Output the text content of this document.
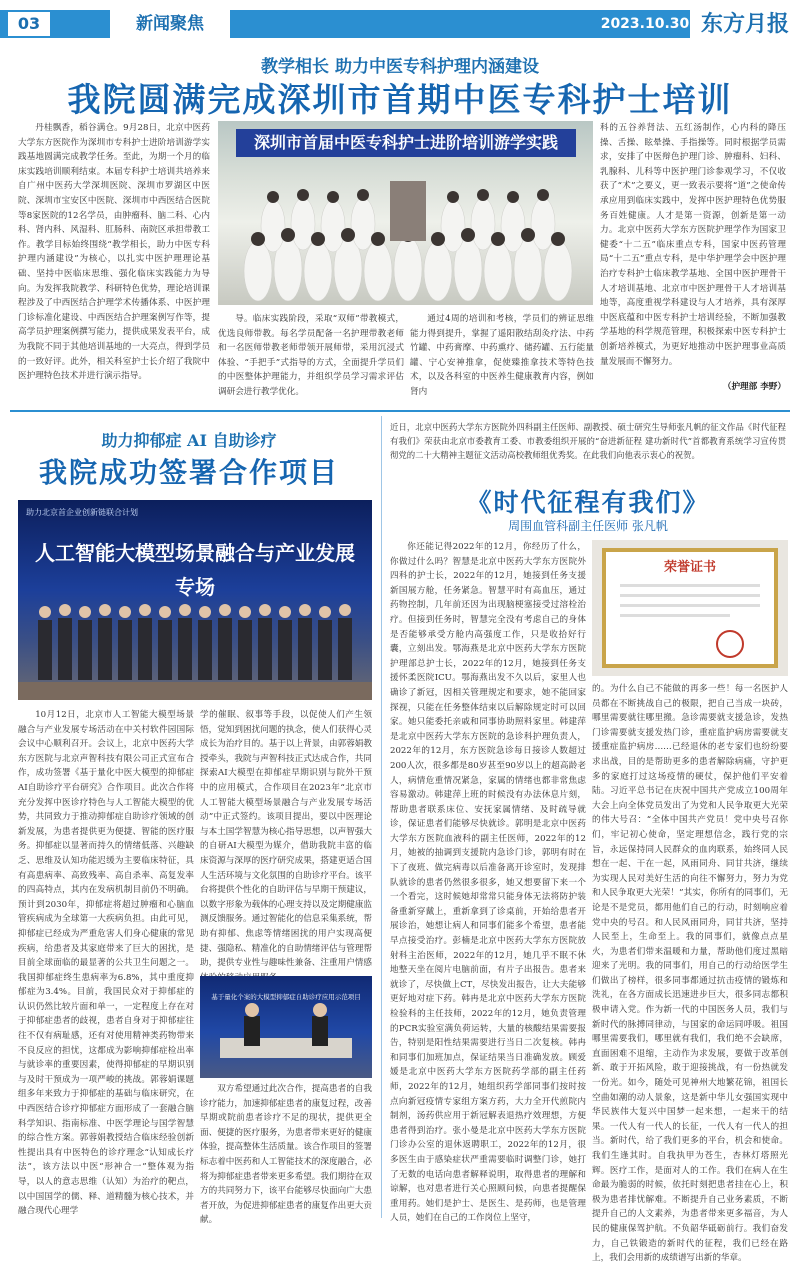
03	新闻聚焦	2023.10.30 东方月报
教学相长 助力中医专科护理内涵建设
我院圆满完成深圳市首期中医专科护士培训
丹桂飘香，稻谷满仓。9月28日，北京中医药大学东方医院作为深圳市专科护士进阶培训游学实践基地圆满完成教学任务。至此，为期一个月的临床实践培训顺利结束。本届专科护士培训共培养来自广州中医药大学深圳医院、深圳市罗湖区中医院、深圳市宝安区中医院、深圳市中西医结合医院等8家医院的12名学员，由肿瘤科、脑二科、心内科、肾内科、风湿科、肛肠科、南院区承担带教工作。教学目标始终围绕“教学相长，助力中医专科护理内涵建设”为核心，以扎实中医护理理论基础、坚持中医临床思维、强化临床实践能力为导向。为发挥我院教学、科研特色优势，理论培训课程涉及了中西医结合护理学术传播体系、中医护理门诊标准化建设、中西医结合护理案例写作等，提高学员护理案例撰写能力，提供成果发表平台，成为我院不同于其他培训基地的一大亮点，得到学员的一致好评。此外，相关科室护士长介绍了我院中医护理特色技术并进行演示指导。
深圳市首届中医专科护士进阶培训游学实践
导。临床实践阶段，采取“双师”带教模式，优选良师带教。每名学员配备一名护理带教老师和一名医师带教老师带领开展师带，采用沉浸式体验、“手把手”式指导的方式，全面提升学员们的中医整体护理能力，并组织学员学习需求评估调研会进行教学优化。
通过4周的培训和考核，学员们的辨证思维能力得到提升，掌握了遥阳散结刮灸疗法、中药竹罐、中药膏摩、中药熏疗、储药罐、五行能量罐、宁心安神推拿，促使臻推拿技术等特色技术，以及各科室的中医养生健康教育内容，例如肾内
科的五谷养肾法、五红汤制作，心内科的降压操、舌操、眩晕操、手指操等。同时根据学员需求，安排了中医辩色护理门诊、肿瘤科、妇科、乳腺科、儿科等中医护理门诊参观学习，不仅收获了“术”之要义，更一致表示要将“道”之使命传承应用到临床实践中，发挥中医护理特色优势服务百姓健康。人才是第一资源，创新是第一动力。北京中医药大学东方医院护理学作为国家卫健委“十二五”临床重点专科，国家中医药管理局“十二五”重点专科，是中华护理学会中医护理治疗专科护士临床教学基地、全国中医护理骨干人才培训基地、北京市中医护理骨干人才培训基地等，高度重视学科建设与人才培养，具有深厚中医底蕴和中医专科护士培训经验，不断加强教学基地的科学规范管理，积极探索中医专科护士创新培养模式，为更好地推动中医护理事业高质量发展而不懈努力。
（护理部 李野）
助力抑郁症 AI 自助诊疗
我院成功签署合作项目
助力北京首企业创新链联合计划
人工智能大模型场景融合与产业发展专场
10月12日，北京市人工智能大模型场景融合与产业发展专场活动在中关村软件园国际会议中心顺利召开。会议上，北京中医药大学东方医院与北京声智科技有限公司正式宣布合作，成功签署《基于量化中医大模型的抑郁症AI自助诊疗平台研究》合作项目。此次合作将充分发挥中医诊疗特色与人工智能大模型的优势，共同致力于推动抑郁症自助诊疗领域的创新发展，为患者提供更为便捷、智能的医疗服务。抑郁症以显著而持久的情绪低落、兴趣缺乏、思维及认知功能迟缓为主要临床特征，具有高患病率、高致残率、高自杀率、高复发率的四高特点，其内在发病机制目前仍不明确。预计到2030年，抑郁症将超过肿瘤和心脑血管疾病成为全球第一大疾病负担。由此可见，抑郁症已经成为严重危害人们身心健康的常见疾病，给患者及其家庭带来了巨大的困扰，是目前全球面临的最显著的公共卫生问题之一。我国抑郁症终生患病率为6.8%，其中重度抑郁症为3.4%。目前，我国民众对于抑郁症的认识仍然比较片面和单一，一定程度上存在对于抑郁症患者的歧视，患者自身对于抑郁症往往不仅有病耻感，还有对使用精神类药物带来不良反应的担忧，这都成为影响抑郁症检出率与就诊率的重要因素，使得抑郁症的早期识别与及时干预成为一项严峻的挑战。郭蓉娟课题组多年来致力于抑郁症的基础与临床研究，在中西医结合诊疗抑郁症方面形成了一套融合脑科学知识、指南标准、中医学理论与国学智慧的综合性方案。郭蓉娟教授结合临床经验创新性提出具有中医特色的诊疗理念“认知成长疗法”，该方法以中医“形神合一”整体观为指导，以人的意志思维（认知）为治疗的靶点，以中国国学的儒、释、道精髓为核心技术，并融合现代心理学
学的催眠、叙事等手段，以促使人们产生领悟，觉知到困扰问题的执念，使人们获得心灵成长为治疗目的。基于以上背景，由郭蓉娟教授牵头，我院与声智科技正式达成合作，共同探索AI大模型在抑郁症早期识别与院外干预中的应用模式，合作项目在2023年“北京市人工智能大模型场景融合与产业发展专场活动”中正式签约。该项目提出，要以中医理论与本土国学智慧为核心指导思想，以声智强大的自研AI大模型为媒介，借助我院丰富的临床资源与深厚的医疗研究成果，搭建更适合国人生活环境与文化氛围的自助诊疗平台。该平台将提供个性化的自助评估与早期干预建议，以数字形象为载体的心理支持以及定期健康监测反馈服务。通过智能化的信息采集系统，帮助有抑郁、焦虑等情绪困扰的用户实现高便捷、强隐私、精准化的自助情绪评估与管理帮助，提供专业性与趣味性兼备、注重用户情感
基于量化个案的大模型抑郁症自助诊疗应用示范项目
双方希望通过此次合作，提高患者的自我诊疗能力，加速抑郁症患者的康复过程，改善早期或院前患者诊疗不足的现状，提供更全面、便捷的医疗服务，为患者带来更好的健康体验，提高整体生活质量。该合作项目的签署标志着中医药和人工智能技术的深度融合，必将为抑郁症患者带来更多希望。我们期待在双方的共同努力下，该平台能够尽快面向广大患者开放，为促进抑郁症患者的康复作出更大贡献。
近日，北京中医药大学东方医院外四科副主任医师、副教授、硕士研究生导师张凡帆的征文作品《时代征程有我们》荣获由北京市委教育工委、市教委组织开展的“奋进新征程 建功新时代”首都教育系统学习宣传贯彻党的二十大精神主题征文活动高校教师组优秀奖。在此我们向他表示衷心的祝贺。
《时代征程有我们》
周围血管科副主任医师 张凡帆
你还能记得2022年的12月，你经历了什么，你做过什么吗？智慧是北京中医药大学东方医院外四科的护士长，2022年的12月，她接到任务支援新国展方舱，任务紧急。智慧平时有高血压，通过药物控制，几年前还因为出现脑梗塞接受过溶栓治疗。但接到任务时，智慧完全没有考虑自己的身体是否能够承受方舱内高强度工作，只是收拾好行囊，立刻出发。鄂海燕是北京中医药大学东方医院护理部总护士长，2022年的12月，她接到任务支援怀柔医院ICU。鄂海燕出发不久以后，家里人也确诊了新冠，因相关管理规定和要求，她不能回家探视，只能在任务整体结束以后解除规定时可以回家。她只能委托亲戚和同事协助照料家里。韩建萍是北京中医药大学东方医院的急诊科护理负责人，2022年的12月，东方医院急诊每日接诊人数超过200人次，很多都是80岁甚至90岁以上的超高龄老人，病情危重情况紧急，家属的情绪也都非常焦虑容易激动。韩建萍上班的时候没有办法休息片刻，帮助患者联系床位、安抚家属情绪、及时疏导就诊，保证患者们能够尽快就诊。郭明是北京中医药大学东方医院血液科的副主任医师，2022年的12月，她被的抽调到支援院内急诊门诊，郭明有时在下了夜班、做完病毒以后准备离开诊室时，发现排队就诊的患者仍然很多很多，她又想要留下来一个一个看完，这时候她却常常只能身体无法将防护装备重新穿戴上，重新拿到了诊桌前，开始给患者开展诊治，她想让病人和同事们能多个希望，患者能早点接受治疗。彭楠是北京中医药大学东方医院放射科主治医师，2022年的12月，她几乎不眠不休地整天坐在阅片电脑前面，有片子出报告。患者来就诊了，尽快做上CT，尽快发出报告，让大夫能够更好地对症下药。韩冉是北京中医药大学东方医院检验科的主任技师，2022年的12月，她负责管理的PCR实验室满负荷运转，大量的核酸结果需要报告，特别是阳性结果需要进行当日二次复核。韩冉和同事们加班加点，保证结果当日准确发放。顾爱媛是北京中医药大学东方医院药学部的副主任药师，2022年的12月，她组织药学部同事们按时按点向新冠疫情专家组方案方药，大力全开代煎院内制剂，汤药供应用于新冠解表退热疗效理想，方便患者得到治疗。张小曼是北京中医药大学东方医院门诊办公室的退休返聘职工，2022年的12月，很多医生由于感染症状严重需要临时调整门诊，她打了无数的电话向患者解释说明，取得患者的理解和谅解，也对患者进行关心照顾问候，向患者提醒保重用药。她们是护士、是医生、是药师，也是管理人员，她们在自己的工作岗位上坚守，
荣誉证书
的。为什么自己不能做的再多一些！每一名医护人员都在不断挑战自己的极限，把自己当成一块砖，哪里需要就往哪里搬。急诊需要就支援急诊，发热门诊需要就支援发热门诊，重症监护病房需要就支援重症监护病房……已经退休的老专家们也纷纷要求出战，目的是帮助更多的患者解除病痛，守护更多的家庭打过这场疫情的硬仗，保护他们平安着陆。习近平总书记在庆祝中国共产党成立100周年大会上向全体党员发出了为党和人民争取更大光荣的伟大号召：“全体中国共产党员！党中央号召你们，牢记初心使命，坚定理想信念，践行党的宗旨，永远保持同人民群众的血肉联系，始终同人民想在一起、干在一起，风雨同舟、同甘共济，继续为实现人民对美好生活的向往不懈努力，努力为党和人民争取更大光荣！”其实，你所有的同事们，无论是不是党员，都用他们自己的行动，时刻响应着党中央的号召。和人民风雨同舟，同甘共济，坚持人民至上，生命至上。我的同事们，就像点点星火，为患者们带来温暖和力量，帮助他们度过黑暗迎来了光明。我的同事们，用自己的行动给医学生们做出了榜样，很多同事都通过抗击疫情的锻炼和洗礼，在各方面成长迅速进步巨大，很多同志都积极申请入党。作为新一代的中国医务人员，我们与新时代的脉搏同律动，与国家的命运同呼吸。祖国哪里需要我们，哪里就有我们，我们绝不会缺席，直面困难不退缩，主动作为求发展，要做于改革创新、敢于开拓风险，敢于迎接挑战，有一份热就发一份光。如今，随处可见神州大地繁花锦，祖国长空曲如潮的动人景象，这是新中华儿女强国实现中华民族伟大复兴中国梦一起来想，一起来干的结果。一代人有一代人的长征，一代人有一代人的担当。新时代，给了我们更多的平台，机会和使命。我们生逢其时。自我执甲为苍生，杏林灯塔照光辉。医疗工作，是面对人的工作。我们在病人在生命最为脆弱的时候，依托时刻把患者挂在心上，积极为患者排忧解难。不断提升自己业务素质，不断提升自己的人文素养，为患者带来更多福音，为人民的健康保驾护航。不负韶华砥砺前行。我们奋发力，自己铁锻造的新时代的征程，我们已经在路上，我们会用新的成绩谱写出新的华章。
